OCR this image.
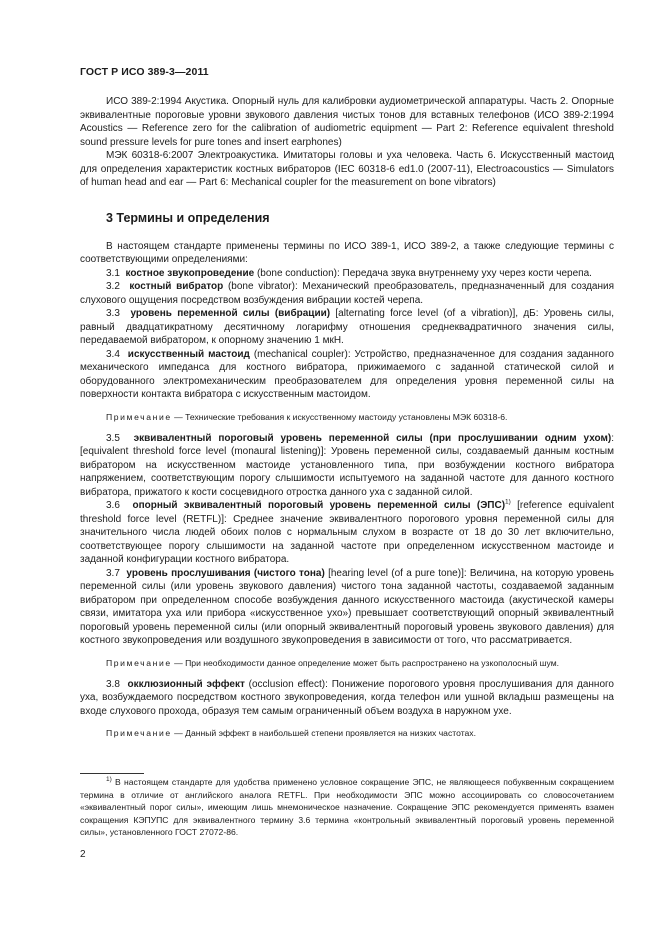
ГОСТ Р ИСО 389-3—2011

ИСО 389-2:1994 Акустика. Опорный нуль для калибровки аудиометрической аппаратуры. Часть 2. Опорные эквивалентные пороговые уровни звукового давления чистых тонов для вставных телефонов (ИСО 389-2:1994 Acoustics — Reference zero for the calibration of audiometric equipment — Part 2: Reference equivalent threshold sound pressure levels for pure tones and insert earphones)

МЭК 60318-6:2007 Электроакустика. Имитаторы головы и уха человека. Часть 6. Искусственный мастоид для определения характеристик костных вибраторов (IEC 60318-6 ed1.0 (2007-11), Electroacoustics — Simulators of human head and ear — Part 6: Mechanical coupler for the measurement on bone vibrators)

3 Термины и определения

В настоящем стандарте применены термины по ИСО 389-1, ИСО 389-2, а также следующие термины с соответствующими определениями:

3.1 костное звукопроведение (bone conduction): Передача звука внутреннему уху через кости черепа.

3.2 костный вибратор (bone vibrator): Механический преобразователь, предназначенный для создания слухового ощущения посредством возбуждения вибрации костей черепа.

3.3 уровень переменной силы (вибрации) [alternating force level (of a vibration)], дБ: Уровень силы, равный двадцатикратному десятичному логарифму отношения среднеквадратичного значения силы, передаваемой вибратором, к опорному значению 1 мкН.

3.4 искусственный мастоид (mechanical coupler): Устройство, предназначенное для создания заданного механического импеданса для костного вибратора, прижимаемого с заданной статической силой и оборудованного электромеханическим преобразователем для определения уровня переменной силы на поверхности контакта вибратора с искусственным мастоидом.

Примечание — Технические требования к искусственному мастоиду установлены МЭК 60318-6.

3.5 эквивалентный пороговый уровень переменной силы (при прослушивании одним ухом): [equivalent threshold force level (monaural listening)]: Уровень переменной силы, создаваемый данным костным вибратором на искусственном мастоиде установленного типа, при возбуждении костного вибратора напряжением, соответствующим порогу слышимости испытуемого на заданной частоте для данного костного вибратора, прижатого к кости сосцевидного отростка данного уха с заданной силой.

3.6 опорный эквивалентный пороговый уровень переменной силы (ЭПС)$^{1)}$ [reference equivalent threshold force level (RETFL)]: Среднее значение эквивалентного порогового уровня переменной силы для значительного числа людей обоих полов с нормальным слухом в возрасте от 18 до 30 лет включительно, соответствующее порогу слышимости на заданной частоте при определенном искусственном мастоиде и заданной конфигурации костного вибратора.

3.7 уровень прослушивания (чистого тона) [hearing level (of a pure tone)]: Величина, на которую уровень переменной силы (или уровень звукового давления) чистого тона заданной частоты, создаваемой заданным вибратором при определенном способе возбуждения данного искусственного мастоида (акустической камеры связи, имитатора уха или прибора «искусственное ухо») превышает соответствующий опорный эквивалентный пороговый уровень переменной силы (или опорный эквивалентный пороговый уровень звукового давления) для костного звукопроведения или воздушного звукопроведения в зависимости от того, что рассматривается.

Примечание — При необходимости данное определение может быть распространено на узкополосный шум.

3.8 окклюзионный эффект (occlusion effect): Понижение порогового уровня прослушивания для данного уха, возбуждаемого посредством костного звукопроведения, когда телефон или ушной вкладыш размещены на входе слухового прохода, образуя тем самым ограниченный объем воздуха в наружном ухе.

Примечание — Данный эффект в наибольшей степени проявляется на низких частотах.

$^{1)}$ В настоящем стандарте для удобства применено условное сокращение ЭПС, не являющееся побуквенным сокращением термина в отличие от английского аналога RETFL. При необходимости ЭПС можно ассоциировать со словосочетанием «эквивалентный порог силы», имеющим лишь мнемоническое назначение. Сокращение ЭПС рекомендуется применять взамен сокращения КЭПУПС для эквивалентного термину 3.6 термина «контрольный эквивалентный пороговый уровень переменной силы», установленного ГОСТ 27072-86.

2
